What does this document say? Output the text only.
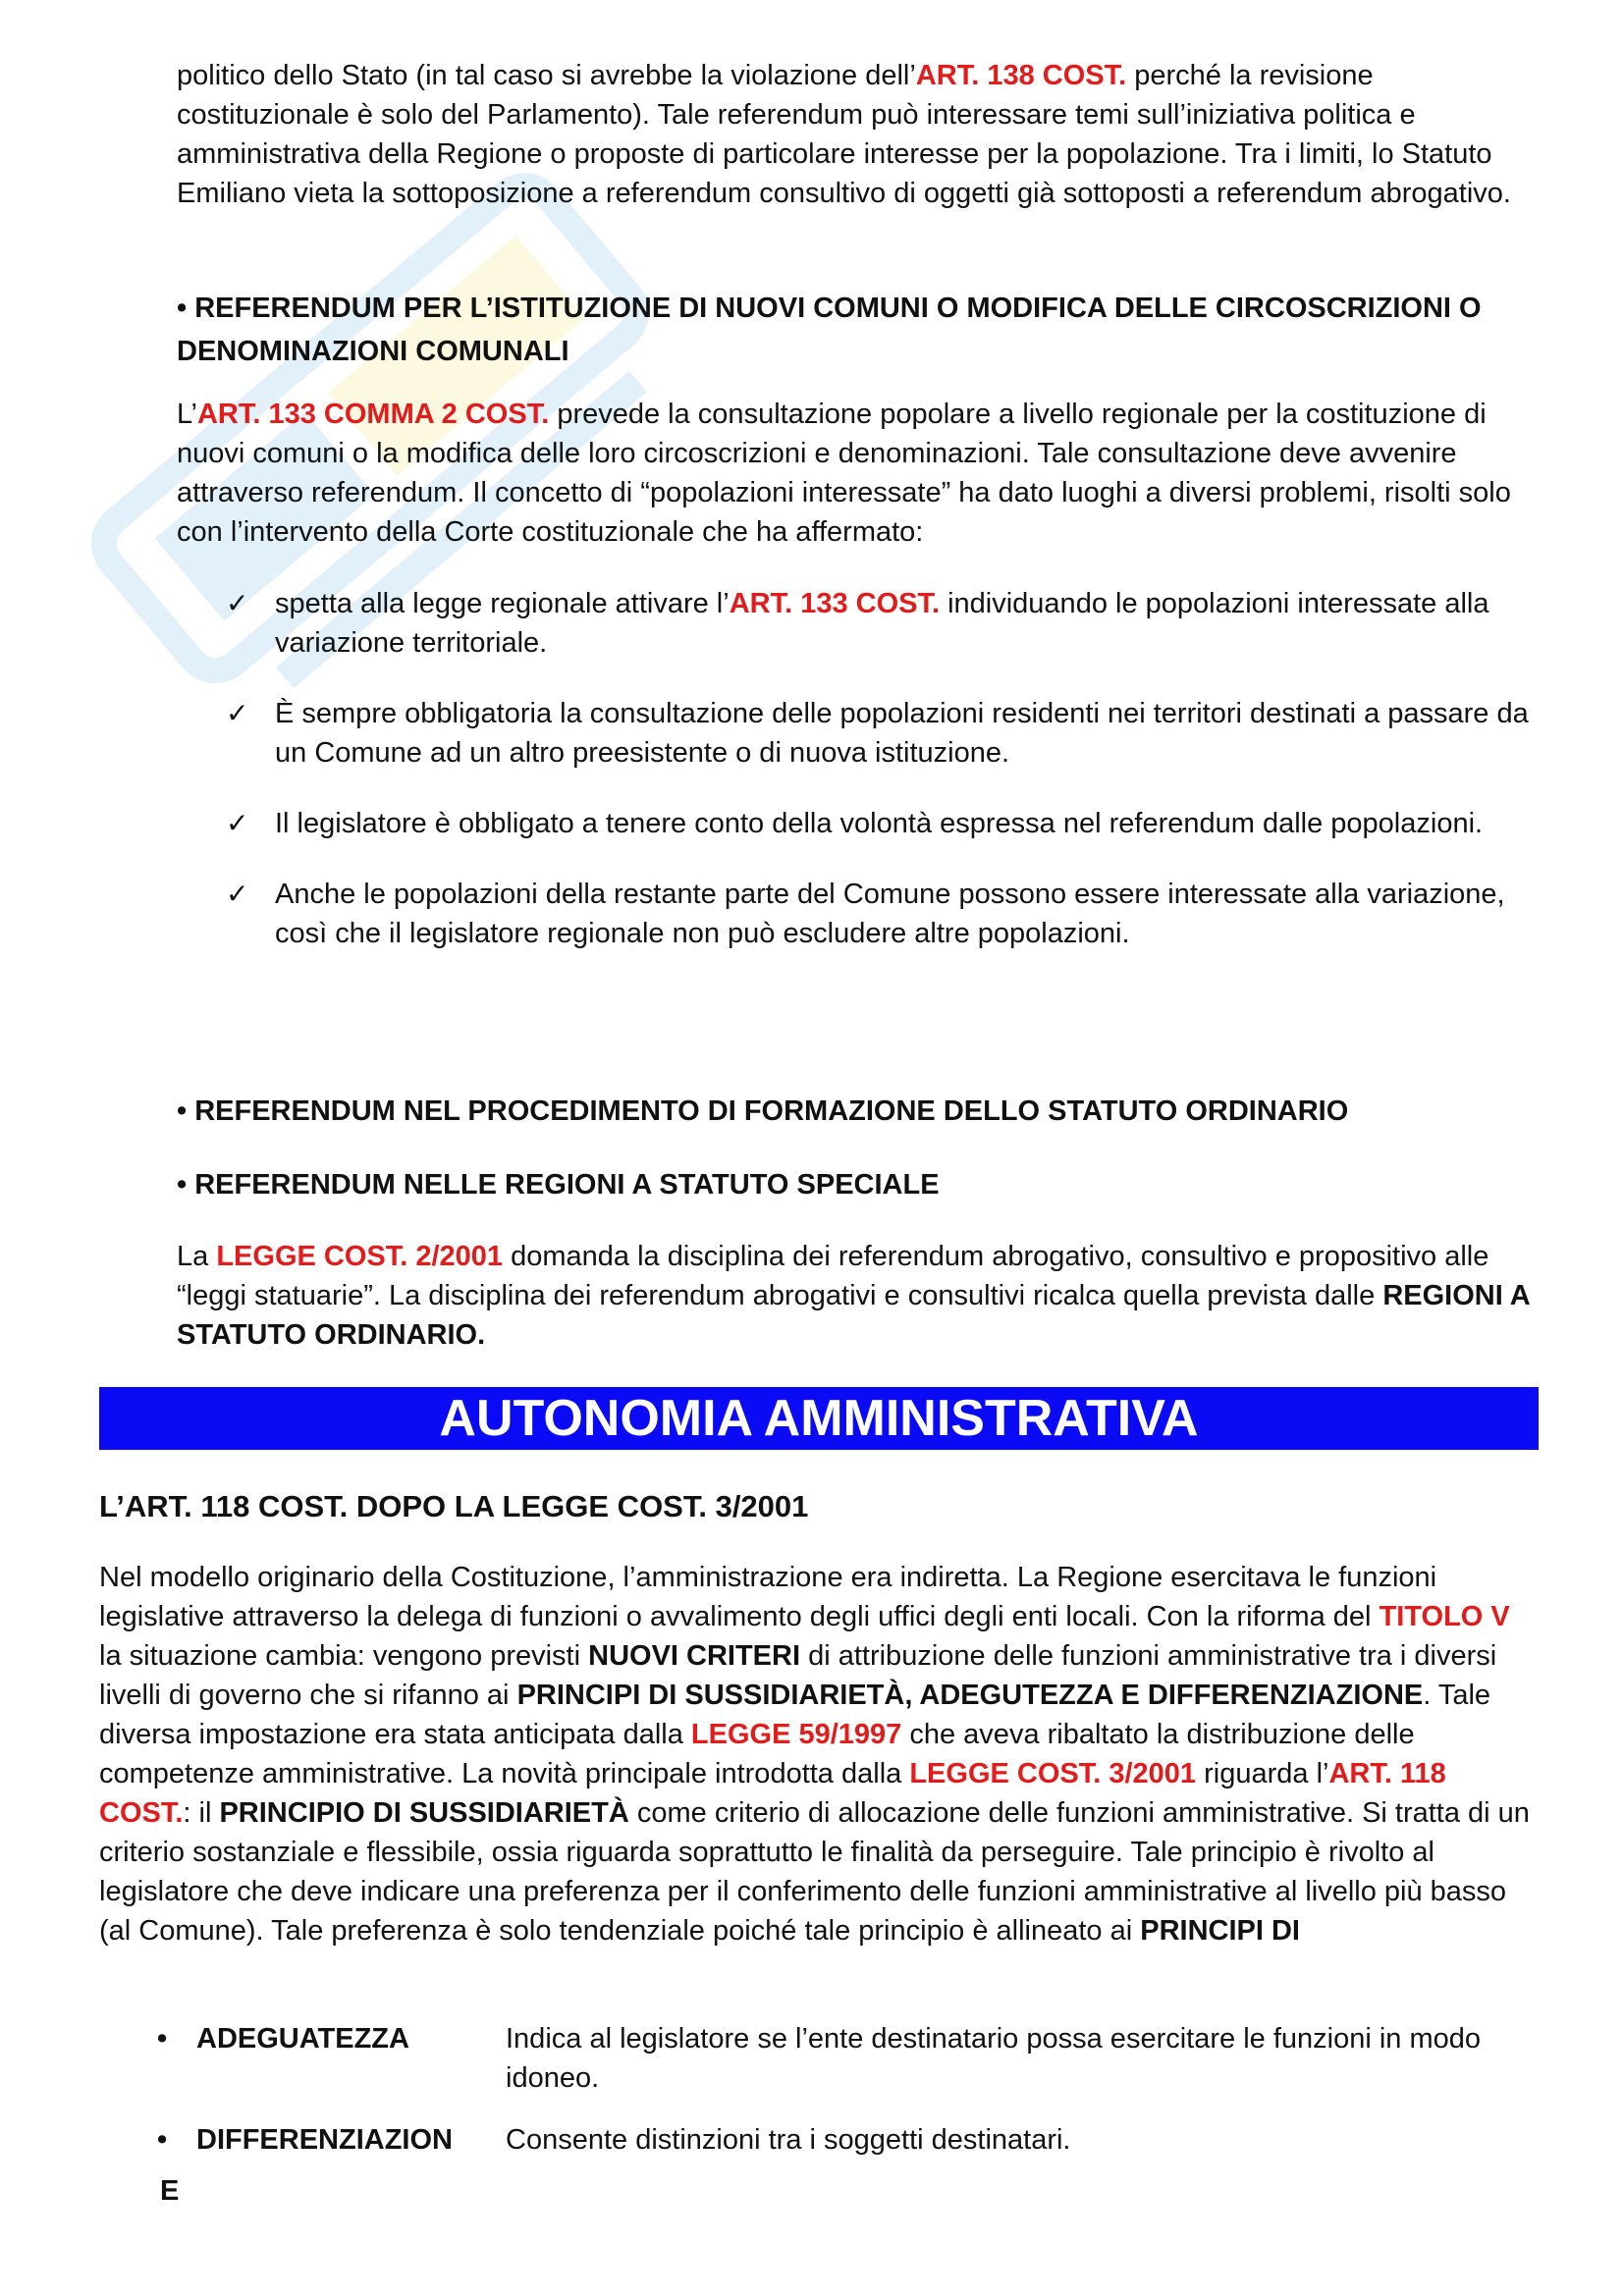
politico dello Stato (in tal caso si avrebbe la violazione dell’ART. 138 COST. perché la revisione costituzionale è solo del Parlamento). Tale referendum può interessare temi sull’iniziativa politica e amministrativa della Regione o proposte di particolare interesse per la popolazione. Tra i limiti, lo Statuto Emiliano vieta la sottoposizione a referendum consultivo di oggetti già sottoposti a referendum abrogativo.

• REFERENDUM PER L’ISTITUZIONE DI NUOVI COMUNI O MODIFICA DELLE CIRCOSCRIZIONI O DENOMINAZIONI COMUNALI

L’ART. 133 COMMA 2 COST. prevede la consultazione popolare a livello regionale per la costituzione di nuovi comuni o la modifica delle loro circoscrizioni e denominazioni. Tale consultazione deve avvenire attraverso referendum. Il concetto di “popolazioni interessate” ha dato luoghi a diversi problemi, risolti solo con l’intervento della Corte costituzionale che ha affermato:

✓ spetta alla legge regionale attivare l’ART. 133 COST. individuando le popolazioni interessate alla variazione territoriale.
✓ È sempre obbligatoria la consultazione delle popolazioni residenti nei territori destinati a passare da un Comune ad un altro preesistente o di nuova istituzione.
✓ Il legislatore è obbligato a tenere conto della volontà espressa nel referendum dalle popolazioni.
✓ Anche le popolazioni della restante parte del Comune possono essere interessate alla variazione, così che il legislatore regionale non può escludere altre popolazioni.

• REFERENDUM NEL PROCEDIMENTO DI FORMAZIONE DELLO STATUTO ORDINARIO

• REFERENDUM NELLE REGIONI A STATUTO SPECIALE

La LEGGE COST. 2/2001 domanda la disciplina dei referendum abrogativo, consultivo e propositivo alle “leggi statuarie”. La disciplina dei referendum abrogativi e consultivi ricalca quella prevista dalle REGIONI A STATUTO ORDINARIO.

AUTONOMIA AMMINISTRATIVA

L’ART. 118 COST. DOPO LA LEGGE COST. 3/2001

Nel modello originario della Costituzione, l’amministrazione era indiretta. La Regione esercitava le funzioni legislative attraverso la delega di funzioni o avvalimento degli uffici degli enti locali. Con la riforma del TITOLO V la situazione cambia: vengono previsti NUOVI CRITERI di attribuzione delle funzioni amministrative tra i diversi livelli di governo che si rifanno ai PRINCIPI DI SUSSIDIARIETÀ, ADEGUTEZZA E DIFFERENZIAZIONE. Tale diversa impostazione era stata anticipata dalla LEGGE 59/1997 che aveva ribaltato la distribuzione delle competenze amministrative. La novità principale introdotta dalla LEGGE COST. 3/2001 riguarda l’ART. 118 COST.: il PRINCIPIO DI SUSSIDIARIETÀ come criterio di allocazione delle funzioni amministrative. Si tratta di un criterio sostanziale e flessibile, ossia riguarda soprattutto le finalità da perseguire. Tale principio è rivolto al legislatore che deve indicare una preferenza per il conferimento delle funzioni amministrative al livello più basso (al Comune). Tale preferenza è solo tendenziale poiché tale principio è allineato ai PRINCIPI DI

• ADEGUATEZZA	Indica al legislatore se l’ente destinatario possa esercitare le funzioni in modo idoneo.
• DIFFERENZIAZION	Consente distinzioni tra i soggetti destinatari.
E
